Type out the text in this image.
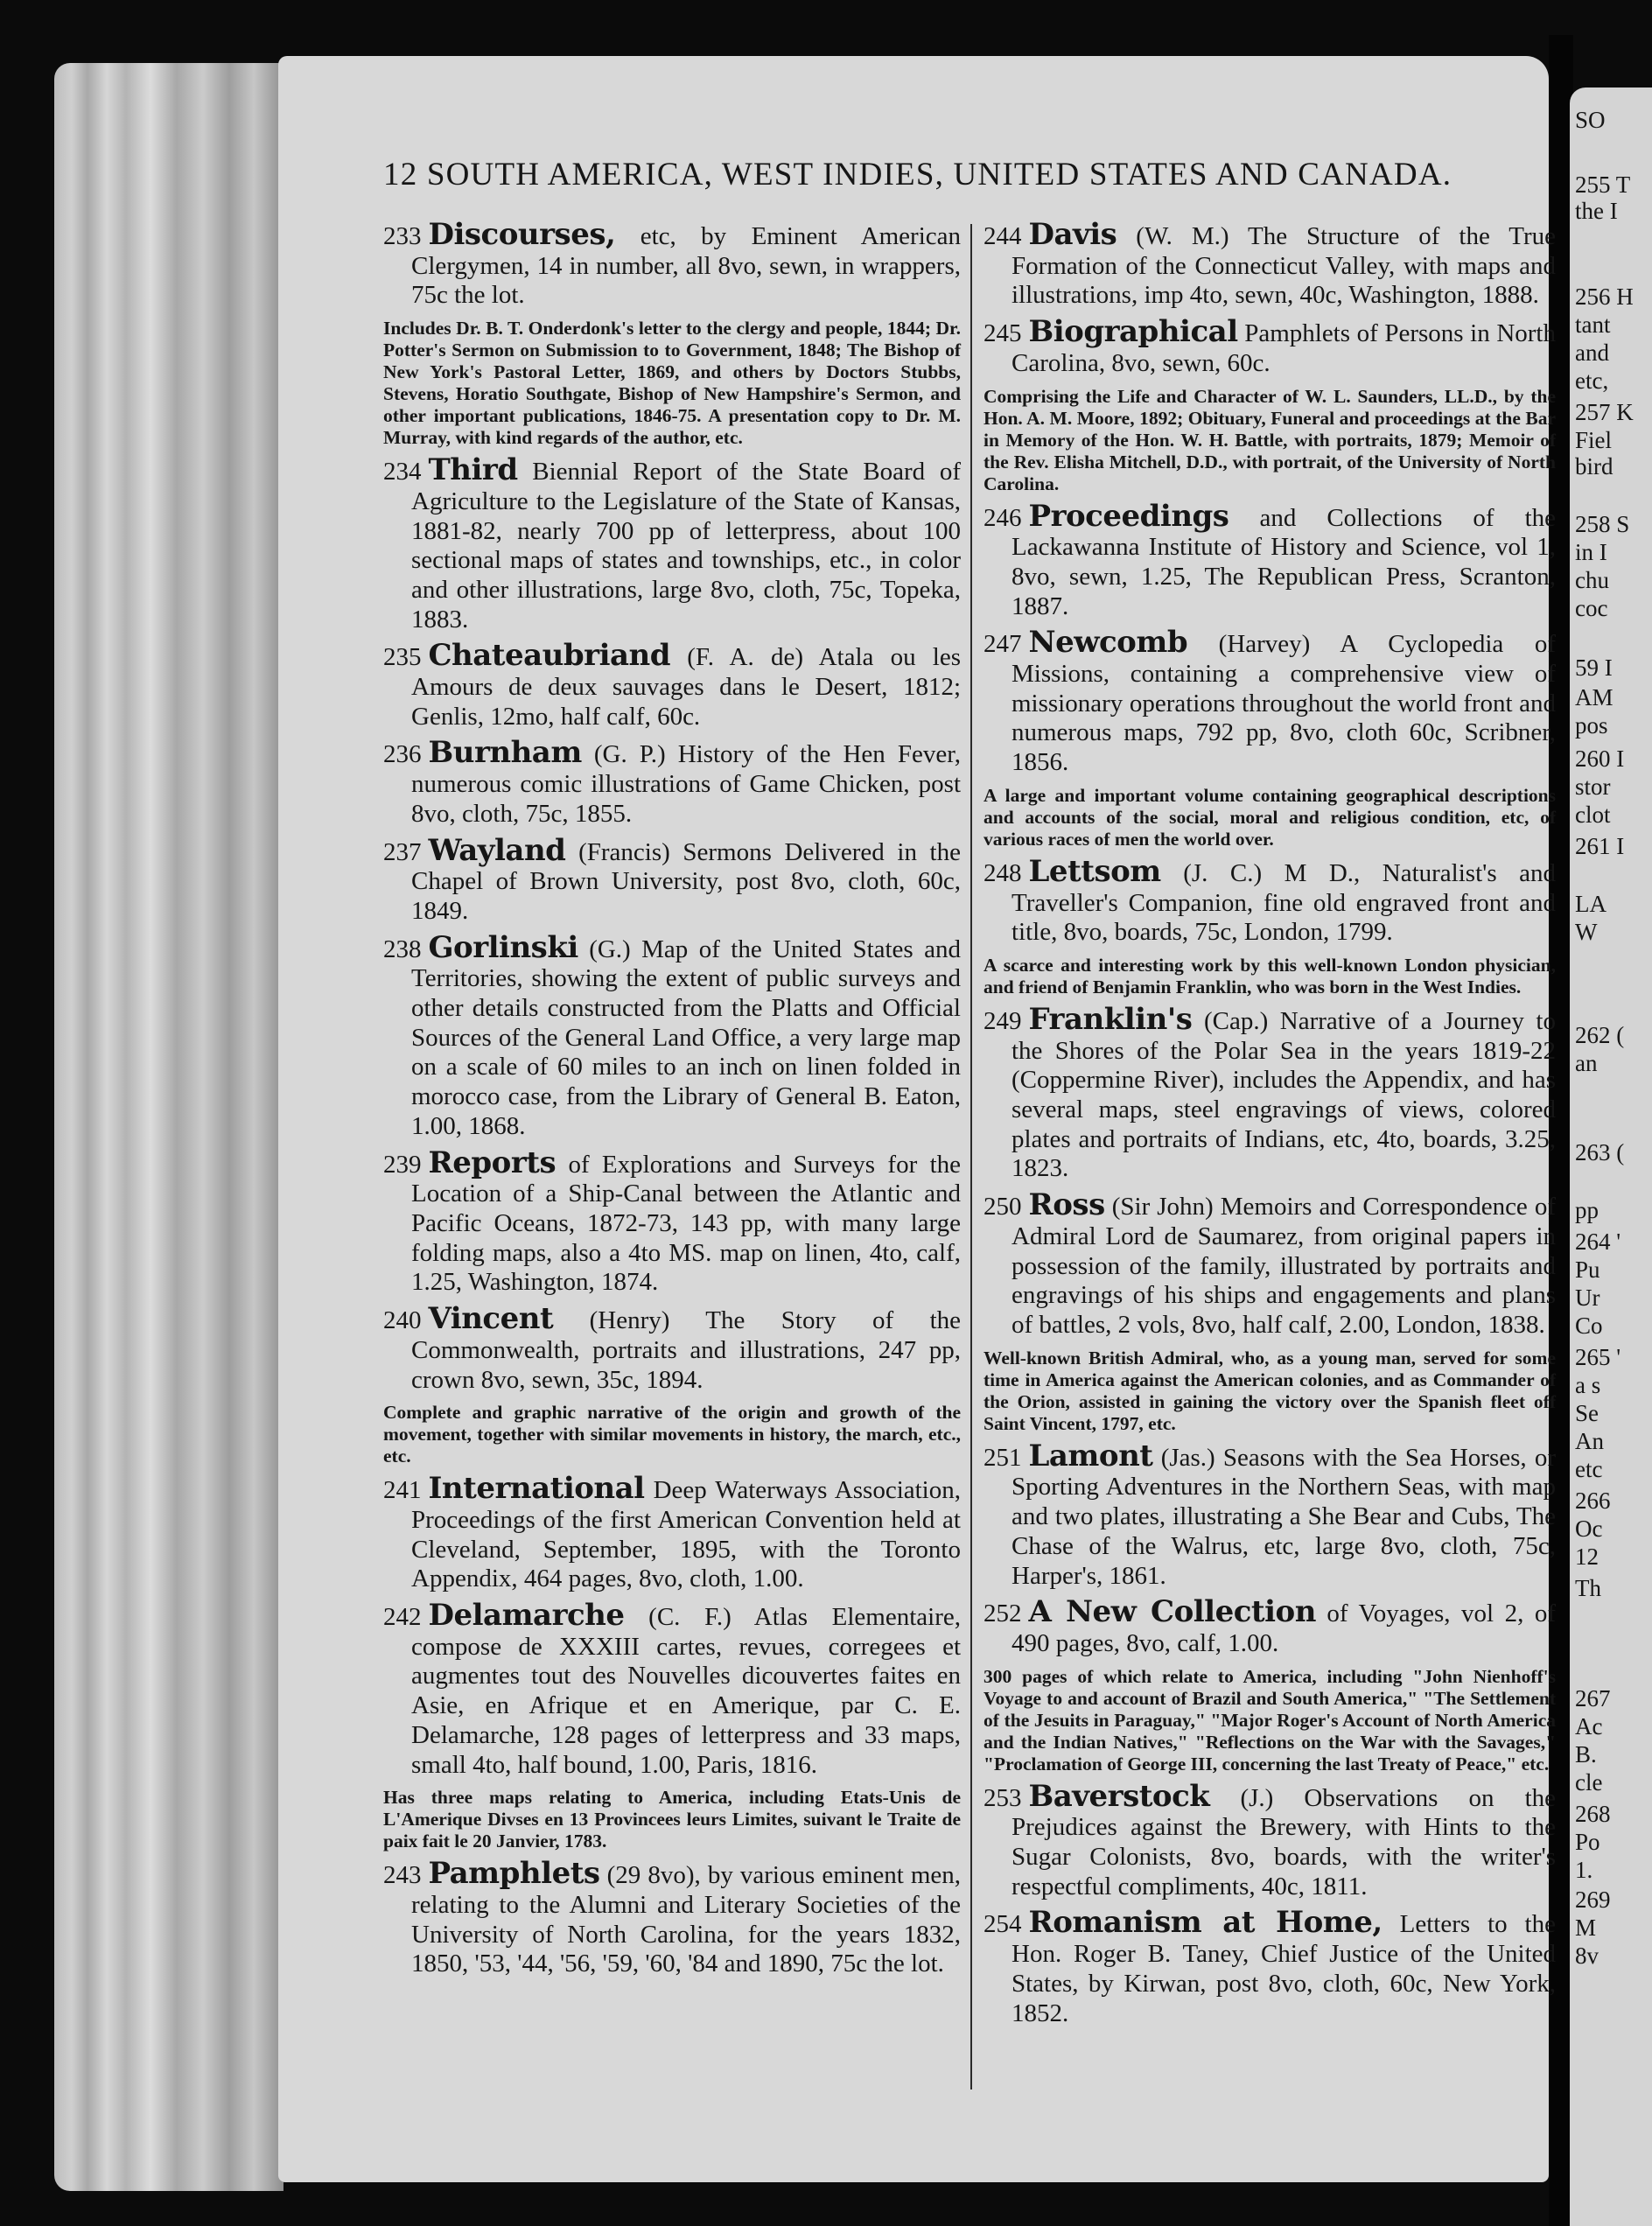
SO
255 T
the I
256 H
tant
and
etc,
257 K
Fiel
bird
258 S
in I
chu
coc
59 I
AM
pos
260 I
stor
clot
261 I
LA
W
262 (
an
263 (
pp
264 '
Pu
Ur
Co
265 '
a s
Se
An
etc
266
Oc
12
Th
267
Ac
B.
cle
268
Po
1.
269
M
8v
12 SOUTH AMERICA, WEST INDIES, UNITED STATES AND CANADA.
233 Discourses, etc, by Eminent American Clergymen, 14 in number, all 8vo, sewn, in wrappers, 75c the lot.
Includes Dr. B. T. Onderdonk's letter to the clergy and people, 1844; Dr. Potter's Sermon on Submission to to Government, 1848; The Bishop of New York's Pastoral Letter, 1869, and others by Doctors Stubbs, Stevens, Horatio Southgate, Bishop of New Hampshire's Sermon, and other important publications, 1846-75. A presentation copy to Dr. M. Murray, with kind regards of the author, etc.
234 Third Biennial Report of the State Board of Agriculture to the Legislature of the State of Kansas, 1881-82, nearly 700 pp of letterpress, about 100 sectional maps of states and townships, etc., in color and other illustrations, large 8vo, cloth, 75c, Topeka, 1883.
235 Chateaubriand (F. A. de) Atala ou les Amours de deux sauvages dans le Desert, 1812; Genlis, 12mo, half calf, 60c.
236 Burnham (G. P.) History of the Hen Fever, numerous comic illustrations of Game Chicken, post 8vo, cloth, 75c, 1855.
237 Wayland (Francis) Sermons Delivered in the Chapel of Brown University, post 8vo, cloth, 60c, 1849.
238 Gorlinski (G.) Map of the United States and Territories, showing the extent of public surveys and other details constructed from the Platts and Official Sources of the General Land Office, a very large map on a scale of 60 miles to an inch on linen folded in morocco case, from the Library of General B. Eaton, 1.00, 1868.
239 Reports of Explorations and Surveys for the Location of a Ship-Canal between the Atlantic and Pacific Oceans, 1872-73, 143 pp, with many large folding maps, also a 4to MS. map on linen, 4to, calf, 1.25, Washington, 1874.
240 Vincent (Henry) The Story of the Commonwealth, portraits and illustrations, 247 pp, crown 8vo, sewn, 35c, 1894.
Complete and graphic narrative of the origin and growth of the movement, together with similar movements in history, the march, etc., etc.
241 International Deep Waterways Association, Proceedings of the first American Convention held at Cleveland, September, 1895, with the Toronto Appendix, 464 pages, 8vo, cloth, 1.00.
242 Delamarche (C. F.) Atlas Elementaire, compose de XXXIII cartes, revues, corregees et augmentes tout des Nouvelles dicouvertes faites en Asie, en Afrique et en Amerique, par C. E. Delamarche, 128 pages of letterpress and 33 maps, small 4to, half bound, 1.00, Paris, 1816.
Has three maps relating to America, including Etats-Unis de L'Amerique Divses en 13 Provincees leurs Limites, suivant le Traite de paix fait le 20 Janvier, 1783.
243 Pamphlets (29 8vo), by various eminent men, relating to the Alumni and Literary Societies of the University of North Carolina, for the years 1832, 1850, '53, '44, '56, '59, '60, '84 and 1890, 75c the lot.
244 Davis (W. M.) The Structure of the True Formation of the Connecticut Valley, with maps and illustrations, imp 4to, sewn, 40c, Washington, 1888.
245 Biographical Pamphlets of Persons in North Carolina, 8vo, sewn, 60c.
Comprising the Life and Character of W. L. Saunders, LL.D., by the Hon. A. M. Moore, 1892; Obituary, Funeral and proceedings at the Bar in Memory of the Hon. W. H. Battle, with portraits, 1879; Memoir of the Rev. Elisha Mitchell, D.D., with portrait, of the University of North Carolina.
246 Proceedings and Collections of the Lackawanna Institute of History and Science, vol 1, 8vo, sewn, 1.25, The Republican Press, Scranton, 1887.
247 Newcomb (Harvey) A Cyclopedia of Missions, containing a comprehensive view of missionary operations throughout the world front and numerous maps, 792 pp, 8vo, cloth 60c, Scribner, 1856.
A large and important volume containing geographical descriptions and accounts of the social, moral and religious condition, etc, of various races of men the world over.
248 Lettsom (J. C.) M D., Naturalist's and Traveller's Companion, fine old engraved front and title, 8vo, boards, 75c, London, 1799.
A scarce and interesting work by this well-known London physician, and friend of Benjamin Franklin, who was born in the West Indies.
249 Franklin's (Cap.) Narrative of a Journey to the Shores of the Polar Sea in the years 1819-22 (Coppermine River), includes the Appendix, and has several maps, steel engravings of views, colored plates and portraits of Indians, etc, 4to, boards, 3.25, 1823.
250 Ross (Sir John) Memoirs and Correspondence of Admiral Lord de Saumarez, from original papers in possession of the family, illustrated by portraits and engravings of his ships and engagements and plans of battles, 2 vols, 8vo, half calf, 2.00, London, 1838.
Well-known British Admiral, who, as a young man, served for some time in America against the American colonies, and as Commander of the Orion, assisted in gaining the victory over the Spanish fleet off Saint Vincent, 1797, etc.
251 Lamont (Jas.) Seasons with the Sea Horses, or Sporting Adventures in the Northern Seas, with map and two plates, illustrating a She Bear and Cubs, The Chase of the Walrus, etc, large 8vo, cloth, 75c, Harper's, 1861.
252 A New Collection of Voyages, vol 2, of 490 pages, 8vo, calf, 1.00.
300 pages of which relate to America, including "John Nienhoff's Voyage to and account of Brazil and South America," "The Settlement of the Jesuits in Paraguay," "Major Roger's Account of North America and the Indian Natives," "Reflections on the War with the Savages," "Proclamation of George III, concerning the last Treaty of Peace," etc.
253 Baverstock (J.) Observations on the Prejudices against the Brewery, with Hints to the Sugar Colonists, 8vo, boards, with the writer's respectful compliments, 40c, 1811.
254 Romanism at Home, Letters to the Hon. Roger B. Taney, Chief Justice of the United States, by Kirwan, post 8vo, cloth, 60c, New York, 1852.
